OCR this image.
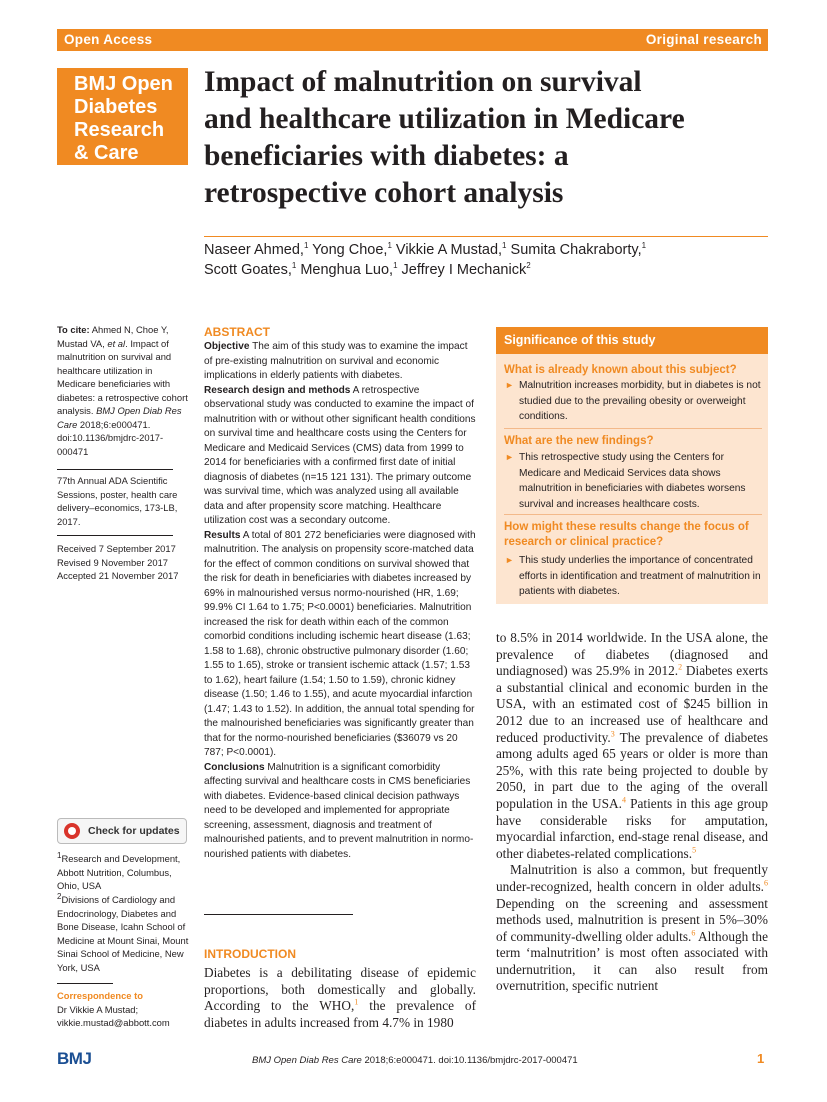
Open Access	Original research
BMJ Open
Diabetes
Research
& Care
Impact of malnutrition on survival
and healthcare utilization in Medicare
beneficiaries with diabetes: a
retrospective cohort analysis
Naseer Ahmed,$^1$ Yong Choe,$^1$ Vikkie A Mustad,$^1$ Sumita Chakraborty,$^1$
Scott Goates,$^1$ Menghua Luo,$^1$ Jeffrey I Mechanick$^2$
To cite: Ahmed N, Choe Y, Mustad VA, et al. Impact of malnutrition on survival and healthcare utilization in Medicare beneficiaries with diabetes: a retrospective cohort analysis. BMJ Open Diab Res Care 2018;6:e000471. doi:10.1136/bmjdrc-2017-000471
77th Annual ADA Scientific Sessions, poster, health care delivery–economics, 173-LB, 2017.
Received 7 September 2017
Revised 9 November 2017
Accepted 21 November 2017
Check for updates
$^1$Research and Development, Abbott Nutrition, Columbus, Ohio, USA
$^2$Divisions of Cardiology and Endocrinology, Diabetes and Bone Disease, Icahn School of Medicine at Mount Sinai, Mount Sinai School of Medicine, New York, USA
Correspondence to
Dr Vikkie A Mustad;
vikkie.mustad@abbott.com
ABSTRACT

Objective The aim of this study was to examine the impact of pre-existing malnutrition on survival and economic implications in elderly patients with diabetes.

Research design and methods A retrospective observational study was conducted to examine the impact of malnutrition with or without other significant health conditions on survival time and healthcare costs using the Centers for Medicare and Medicaid Services (CMS) data from 1999 to 2014 for beneficiaries with a confirmed first date of initial diagnosis of diabetes (n=15 121 131). The primary outcome was survival time, which was analyzed using all available data and after propensity score matching. Healthcare utilization cost was a secondary outcome.

Results A total of 801 272 beneficiaries were diagnosed with malnutrition. The analysis on propensity score-matched data for the effect of common conditions on survival showed that the risk for death in beneficiaries with diabetes increased by 69% in malnourished versus normo-nourished (HR, 1.69; 99.9% CI 1.64 to 1.75; P<0.0001) beneficiaries. Malnutrition increased the risk for death within each of the common comorbid conditions including ischemic heart disease (1.63; 1.58 to 1.68), chronic obstructive pulmonary disorder (1.60; 1.55 to 1.65), stroke or transient ischemic attack (1.57; 1.53 to 1.62), heart failure (1.54; 1.50 to 1.59), chronic kidney disease (1.50; 1.46 to 1.55), and acute myocardial infarction (1.47; 1.43 to 1.52). In addition, the annual total spending for the malnourished beneficiaries was significantly greater than that for the normo-nourished beneficiaries ($36079 vs 20 787; P<0.0001).

Conclusions Malnutrition is a significant comorbidity affecting survival and healthcare costs in CMS beneficiaries with diabetes. Evidence-based clinical decision pathways need to be developed and implemented for appropriate screening, assessment, diagnosis and treatment of malnourished patients, and to prevent malnutrition in normo-nourished patients with diabetes.

Significance of this study
What is already known about this subject?
► Malnutrition increases morbidity, but in diabetes is not studied due to the prevailing obesity or overweight conditions.
What are the new findings?
► This retrospective study using the Centers for Medicare and Medicaid Services data shows malnutrition in beneficiaries with diabetes worsens survival and increases healthcare costs.
How might these results change the focus of research or clinical practice?
► This study underlies the importance of concentrated efforts in identification and treatment of malnutrition in patients with diabetes.
INTRODUCTION

Diabetes is a debilitating disease of epidemic proportions, both domestically and globally. According to the WHO,$^1$ the prevalence of diabetes in adults increased from 4.7% in 1980

to 8.5% in 2014 worldwide. In the USA alone, the prevalence of diabetes (diagnosed and undiagnosed) was 25.9% in 2012.$^2$ Diabetes exerts a substantial clinical and economic burden in the USA, with an estimated cost of $245 billion in 2012 due to an increased use of healthcare and reduced productivity.$^3$ The prevalence of diabetes among adults aged 65 years or older is more than 25%, with this rate being projected to double by 2050, in part due to the aging of the overall population in the USA.$^4$ Patients in this age group have considerable risks for amputation, myocardial infarction, end-stage renal disease, and other diabetes-related complications.$^5$

Malnutrition is also a common, but frequently under-recognized, health concern in older adults.$^6$ Depending on the screening and assessment methods used, malnutrition is present in 5%–30% of community-dwelling older adults.$^6$ Although the term ‘malnutrition’ is most often associated with undernutrition, it can also result from overnutrition, specific nutrient

BMJ	BMJ Open Diab Res Care 2018;6:e000471. doi:10.1136/bmjdrc-2017-000471	1
